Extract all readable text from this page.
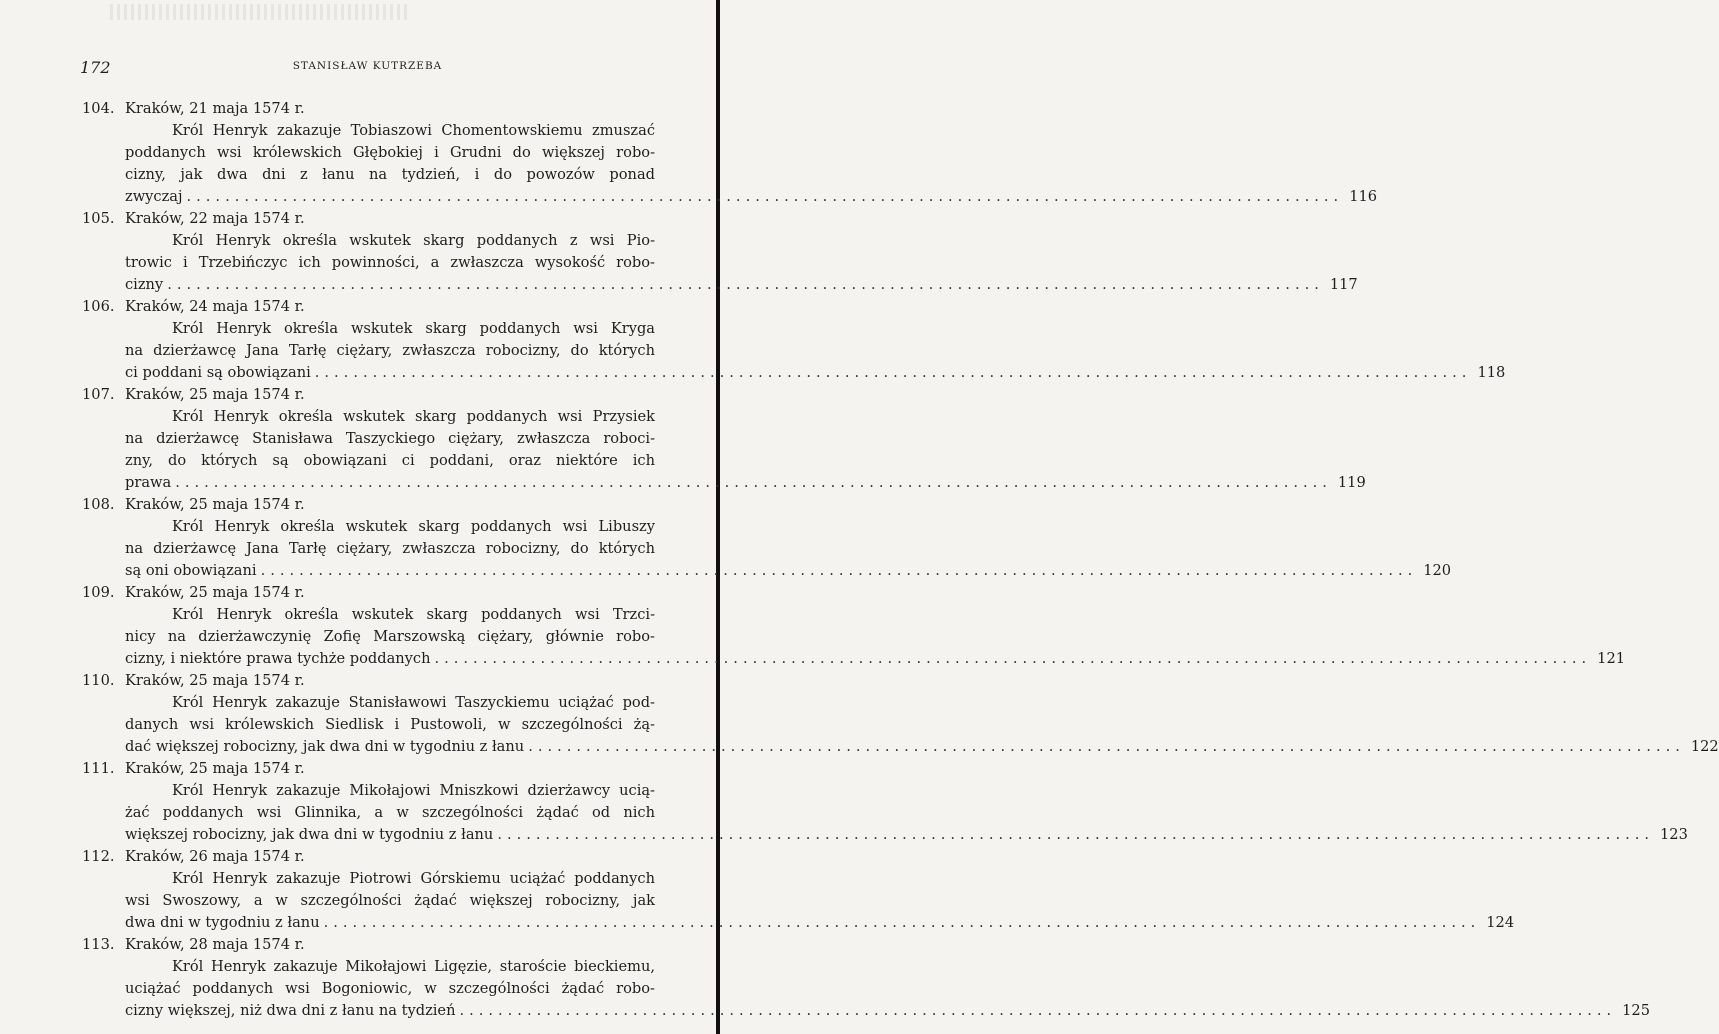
172	STANISŁAW KUTRZEBA
104. Kraków, 21 maja 1574 r.
Król Henryk zakazuje Tobiaszowi Chomentowskiemu zmuszać
poddanych wsi królewskich Głębokiej i Grudni do większej robo-
cizny, jak dwa dni z łanu na tydzień, i do powozów ponad
zwyczaj ........................................................................................................................ 116
105. Kraków, 22 maja 1574 r.
Król Henryk określa wskutek skarg poddanych z wsi Pio-
trowic i Trzebińczyc ich powinności, a zwłaszcza wysokość robo-
cizny ........................................................................................................................ 117
106. Kraków, 24 maja 1574 r.
Król Henryk określa wskutek skarg poddanych wsi Kryga
na dzierżawcę Jana Tarłę ciężary, zwłaszcza robocizny, do których
ci poddani są obowiązani ........................................................................................................................ 118
107. Kraków, 25 maja 1574 r.
Król Henryk określa wskutek skarg poddanych wsi Przysiek
na dzierżawcę Stanisława Taszyckiego ciężary, zwłaszcza roboci-
zny, do których są obowiązani ci poddani, oraz niektóre ich
prawa ........................................................................................................................ 119
108. Kraków, 25 maja 1574 r.
Król Henryk określa wskutek skarg poddanych wsi Libuszy
na dzierżawcę Jana Tarłę ciężary, zwłaszcza robocizny, do których
są oni obowiązani ........................................................................................................................ 120
109. Kraków, 25 maja 1574 r.
Król Henryk określa wskutek skarg poddanych wsi Trzci-
nicy na dzierżawczynię Zofię Marszowską ciężary, głównie robo-
cizny, i niektóre prawa tychże poddanych ........................................................................................................................ 121
110. Kraków, 25 maja 1574 r.
Król Henryk zakazuje Stanisławowi Taszyckiemu uciążać pod-
danych wsi królewskich Siedlisk i Pustowoli, w szczególności żą-
dać większej robocizny, jak dwa dni w tygodniu z łanu ........................................................................................................................ 122
111. Kraków, 25 maja 1574 r.
Król Henryk zakazuje Mikołajowi Mniszkowi dzierżawcy ucią-
żać poddanych wsi Glinnika, a w szczególności żądać od nich
większej robocizny, jak dwa dni w tygodniu z łanu ........................................................................................................................ 123
112. Kraków, 26 maja 1574 r.
Król Henryk zakazuje Piotrowi Górskiemu uciążać poddanych
wsi Swoszowy, a w szczególności żądać większej robocizny, jak
dwa dni w tygodniu z łanu ........................................................................................................................ 124
113. Kraków, 28 maja 1574 r.
Król Henryk zakazuje Mikołajowi Ligęzie, staroście bieckiemu,
uciążać poddanych wsi Bogoniowic, w szczególności żądać robo-
cizny większej, niż dwa dni z łanu na tydzień ........................................................................................................................ 125
